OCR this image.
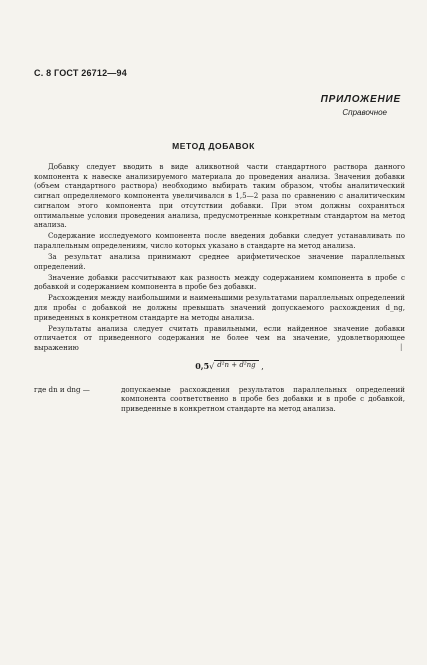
С. 8 ГОСТ 26712—94
ПРИЛОЖЕНИЕ
Справочное
МЕТОД ДОБАВОК

Добавку следует вводить в виде аликвотной части стандартного раствора данного компонента к навеске анализируемого материала до проведения анализа. Значения добавки (объем стандартного раствора) необходимо выбирать таким образом, чтобы аналитический сигнал определяемого компонента увеличивался в 1,5—2 раза по сравнению с аналитическим сигналом этого компонента при отсутствии добавки. При этом должны сохраняться оптимальные условия проведения анализа, предусмотренные конкретным стандартом на метод анализа.

Содержание исследуемого компонента после введения добавки следует устанавливать по параллельным определениям, число которых указано в стандарте на метод анализа.

За результат анализа принимают среднее арифметическое значение параллельных определений.

Значение добавки рассчитывают как разность между содержанием компонента в пробе с добавкой и содержанием компонента в пробе без добавки.

Расхождения между наибольшими и наименьшими результатами параллельных определений для пробы с добавкой не должны превышать значений допускаемого расхождения d_ng, приведенных в конкретном стандарте на методы анализа.

Результаты анализа следует считать правильными, если найденное значение добавки отличается от приведенного содержания не более чем на значение, удовлетворяющее выражению

0,5√ d²n + d²ng ,
где dn и dng —	допускаемые расхождения результатов параллельных определений компонента соответственно в пробе без добавки и в пробе с добавкой, приведенные в конкретном стандарте на метод анализа.
|
